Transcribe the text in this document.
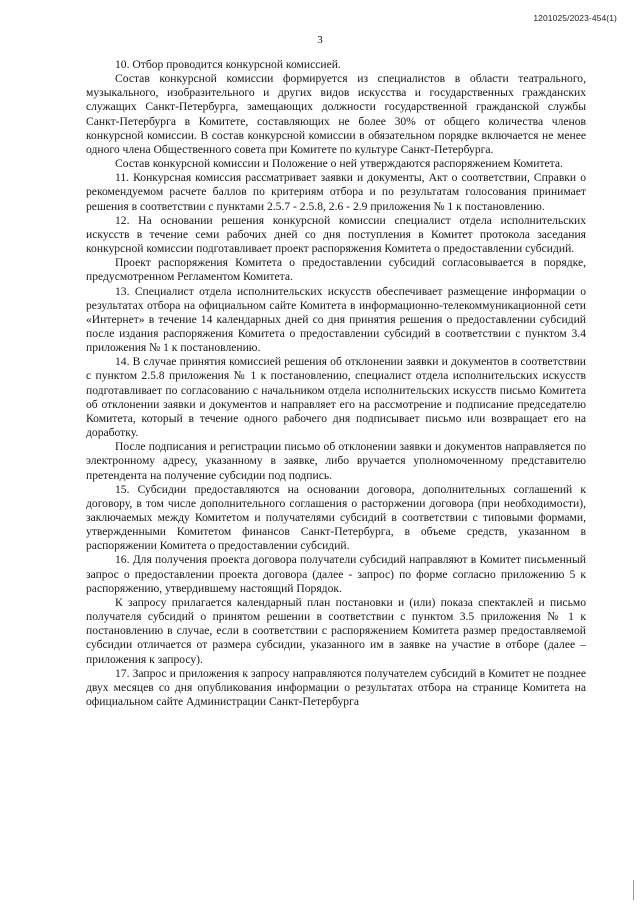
1201025/2023-454(1)
3

10. Отбор проводится конкурсной комиссией.

Состав конкурсной комиссии формируется из специалистов в области театрального, музыкального, изобразительного и других видов искусства и государственных гражданских служащих Санкт-Петербурга, замещающих должности государственной гражданской службы Санкт-Петербурга в Комитете, составляющих не более 30% от общего количества членов конкурсной комиссии. В состав конкурсной комиссии в обязательном порядке включается не менее одного члена Общественного совета при Комитете по культуре Санкт-Петербурга.

Состав конкурсной комиссии и Положение о ней утверждаются распоряжением Комитета.

11. Конкурсная комиссия рассматривает заявки и документы, Акт о соответствии, Справки о рекомендуемом расчете баллов по критериям отбора и по результатам голосования принимает решения в соответствии с пунктами 2.5.7 - 2.5.8, 2.6 - 2.9 приложения № 1 к постановлению.

12. На основании решения конкурсной комиссии специалист отдела исполнительских искусств в течение семи рабочих дней со дня поступления в Комитет протокола заседания конкурсной комиссии подготавливает проект распоряжения Комитета о предоставлении субсидий.

Проект распоряжения Комитета о предоставлении субсидий согласовывается в порядке, предусмотренном Регламентом Комитета.

13. Специалист отдела исполнительских искусств обеспечивает размещение информации о результатах отбора на официальном сайте Комитета в информационно-телекоммуникационной сети «Интернет» в течение 14 календарных дней со дня принятия решения о предоставлении субсидий после издания распоряжения Комитета о предоставлении субсидий в соответствии с пунктом 3.4 приложения № 1 к постановлению.

14. В случае принятия комиссией решения об отклонении заявки и документов в соответствии с пунктом 2.5.8 приложения № 1 к постановлению, специалист отдела исполнительских искусств подготавливает по согласованию с начальником отдела исполнительских искусств письмо Комитета об отклонении заявки и документов и направляет его на рассмотрение и подписание председателю Комитета, который в течение одного рабочего дня подписывает письмо или возвращает его на доработку.

После подписания и регистрации письмо об отклонении заявки и документов направляется по электронному адресу, указанному в заявке, либо вручается уполномоченному представителю претендента на получение субсидии под подпись.

15. Субсидии предоставляются на основании договора, дополнительных соглашений к договору, в том числе дополнительного соглашения о расторжении договора (при необходимости), заключаемых между Комитетом и получателями субсидий в соответствии с типовыми формами, утвержденными Комитетом финансов Санкт-Петербурга, в объеме средств, указанном в распоряжении Комитета о предоставлении субсидий.

16. Для получения проекта договора получатели субсидий направляют в Комитет письменный запрос о предоставлении проекта договора (далее - запрос) по форме согласно приложению 5 к распоряжению, утвердившему настоящий Порядок.

К запросу прилагается календарный план постановки и (или) показа спектаклей и письмо получателя субсидий о принятом решении в соответствии с пунктом 3.5 приложения № 1 к постановлению в случае, если в соответствии с распоряжением Комитета размер предоставляемой субсидии отличается от размера субсидии, указанного им в заявке на участие в отборе (далее – приложения к запросу).

17. Запрос и приложения к запросу направляются получателем субсидий в Комитет не позднее двух месяцев со дня опубликования информации о результатах отбора на странице Комитета на официальном сайте Администрации Санкт-Петербурга
